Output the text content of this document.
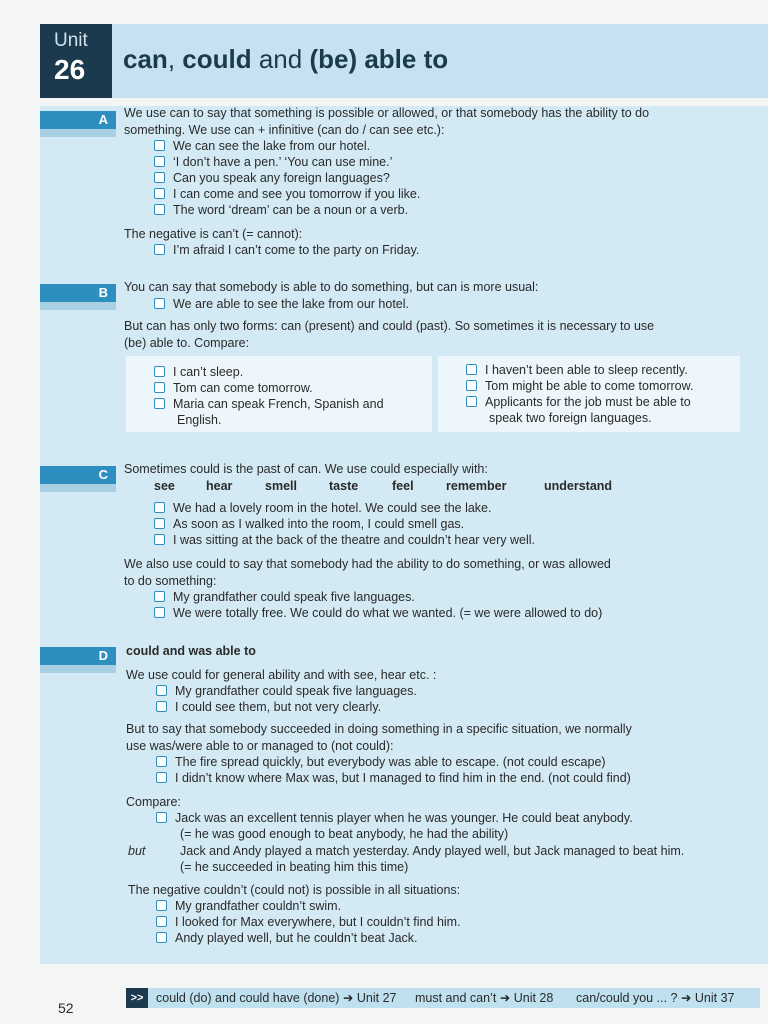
Unit
26 can, could and (be) able to
A
B
C
D
We use can to say that something is possible or allowed, or that somebody has the ability to do
something. We use can + infinitive (can do / can see etc.):
We can see the lake from our hotel.
‘I don’t have a pen.’ ‘You can use mine.’
Can you speak any foreign languages?
I can come and see you tomorrow if you like.
The word ‘dream’ can be a noun or a verb.
The negative is can’t (= cannot):
I’m afraid I can’t come to the party on Friday.
You can say that somebody is able to do something, but can is more usual:
We are able to see the lake from our hotel.
But can has only two forms: can (present) and could (past). So sometimes it is necessary to use
(be) able to. Compare:
I can’t sleep.
Tom can come tomorrow.
Maria can speak French, Spanish and
English.
I haven’t been able to sleep recently.
Tom might be able to come tomorrow.
Applicants for the job must be able to
speak two foreign languages.
Sometimes could is the past of can. We use could especially with:
see hear	smell	taste	feel	remember	understand
We had a lovely room in the hotel. We could see the lake.
As soon as I walked into the room, I could smell gas.
I was sitting at the back of the theatre and couldn’t hear very well.
We also use could to say that somebody had the ability to do something, or was allowed
to do something:
My grandfather could speak five languages.
We were totally free. We could do what we wanted. (= we were allowed to do)
could and was able to
We use could for general ability and with see, hear etc. :
My grandfather could speak five languages.
I could see them, but not very clearly.
But to say that somebody succeeded in doing something in a specific situation, we normally
use was/were able to or managed to (not could):
The fire spread quickly, but everybody was able to escape. (not could escape)
I didn’t know where Max was, but I managed to find him in the end. (not could find)
Compare:
Jack was an excellent tennis player when he was younger. He could beat anybody.
(= he was good enough to beat anybody, he had the ability)
but	Jack and Andy played a match yesterday. Andy played well, but Jack managed to beat him.
(= he succeeded in beating him this time)
The negative couldn’t (could not) is possible in all situations:
My grandfather couldn’t swim.
I looked for Max everywhere, but I couldn’t find him.
Andy played well, but he couldn’t beat Jack.
>>	could (do) and could have (done) ➜ Unit 27 must and can’t ➜ Unit 28 can/could you ... ? ➜ Unit 37
52
